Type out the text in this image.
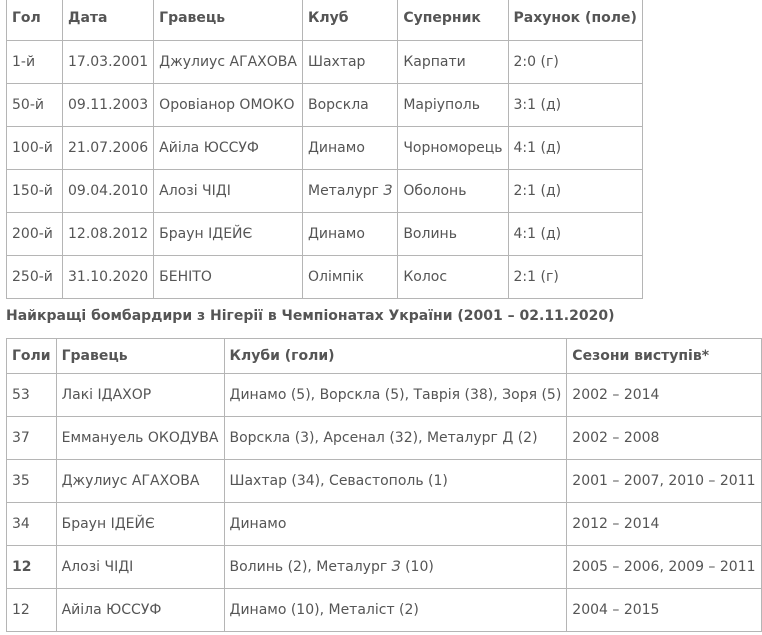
Гол	Дата	Гравець	Клуб	Суперник	Рахунок (поле)
1-й	17.03.2001	Джулиус АГАХОВА	Шахтар	Карпати	2:0 (г)
50-й	09.11.2003	Оровіанор ОМОКО	Ворскла	Маріуполь	3:1 (д)
100-й	21.07.2006	Айіла ЮССУФ	Динамо	Чорноморець	4:1 (д)
150-й	09.04.2010	Алозі ЧІДІ	Металург З	Оболонь	2:1 (д)
200-й	12.08.2012	Браун ІДЕЙЄ	Динамо	Волинь	4:1 (д)
250-й	31.10.2020	БЕНІТО	Олімпік	Колос	2:1 (г)
Найкращі бомбардири з Нігерії в Чемпіонатах України (2001 – 02.11.2020)
Голи	Гравець	Клуби (голи)	Сезони виступів*
53	Лакі ІДАХОР	Динамо (5), Ворскла (5), Таврія (38), Зоря (5)	2002 – 2014
37	Еммануель ОКОДУВА	Ворскла (3), Арсенал (32), Металург Д (2)	2002 – 2008
35	Джулиус АГАХОВА	Шахтар (34), Севастополь (1)	2001 – 2007, 2010 – 2011
34	Браун ІДЕЙЄ	Динамо	2012 – 2014
12	Алозі ЧІДІ	Волинь (2), Металург З (10)	2005 – 2006, 2009 – 2011
12	Айіла ЮССУФ	Динамо (10), Металіст (2)	2004 – 2015
